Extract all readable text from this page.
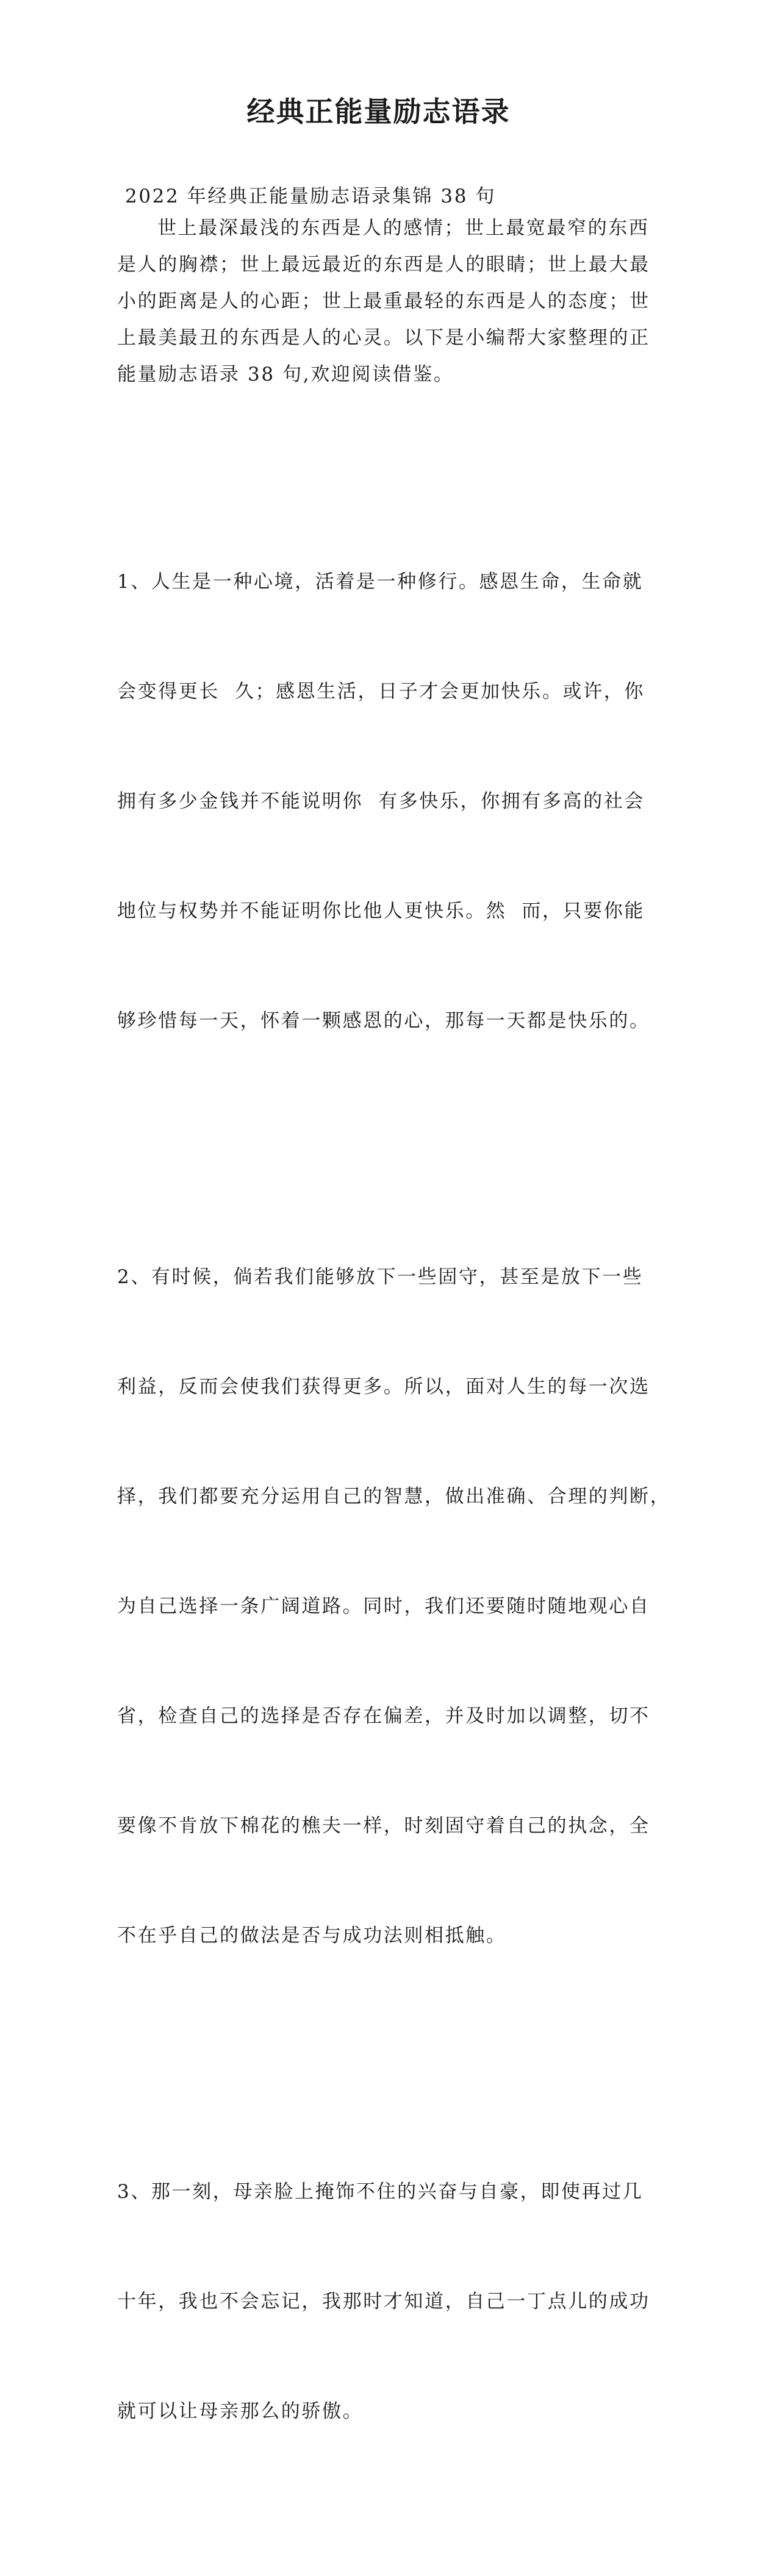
经典正能量励志语录
2022 年经典正能量励志语录集锦 38 句
世上最深最浅的东西是人的感情；世上最宽最窄的东西
是人的胸襟；世上最远最近的东西是人的眼睛；世上最大最
小的距离是人的心距；世上最重最轻的东西是人的态度；世
上最美最丑的东西是人的心灵。以下是小编帮大家整理的正
能量励志语录 38 句,欢迎阅读借鉴。

1、人生是一种心境，活着是一种修行。感恩生命，生命就

会变得更长  久；感恩生活，日子才会更加快乐。或许，你

拥有多少金钱并不能说明你  有多快乐，你拥有多高的社会

地位与权势并不能证明你比他人更快乐。然  而，只要你能

够珍惜每一天，怀着一颗感恩的心，那每一天都是快乐的。

2、有时候，倘若我们能够放下一些固守，甚至是放下一些

利益，反而会使我们获得更多。所以，面对人生的每一次选

择，我们都要充分运用自己的智慧，做出准确、合理的判断，

为自己选择一条广阔道路。同时，我们还要随时随地观心自

省，检查自己的选择是否存在偏差，并及时加以调整，切不

要像不肯放下棉花的樵夫一样，时刻固守着自己的执念，全

不在乎自己的做法是否与成功法则相抵触。

3、那一刻，母亲脸上掩饰不住的兴奋与自豪，即使再过几

十年，我也不会忘记，我那时才知道，自己一丁点儿的成功

就可以让母亲那么的骄傲。
